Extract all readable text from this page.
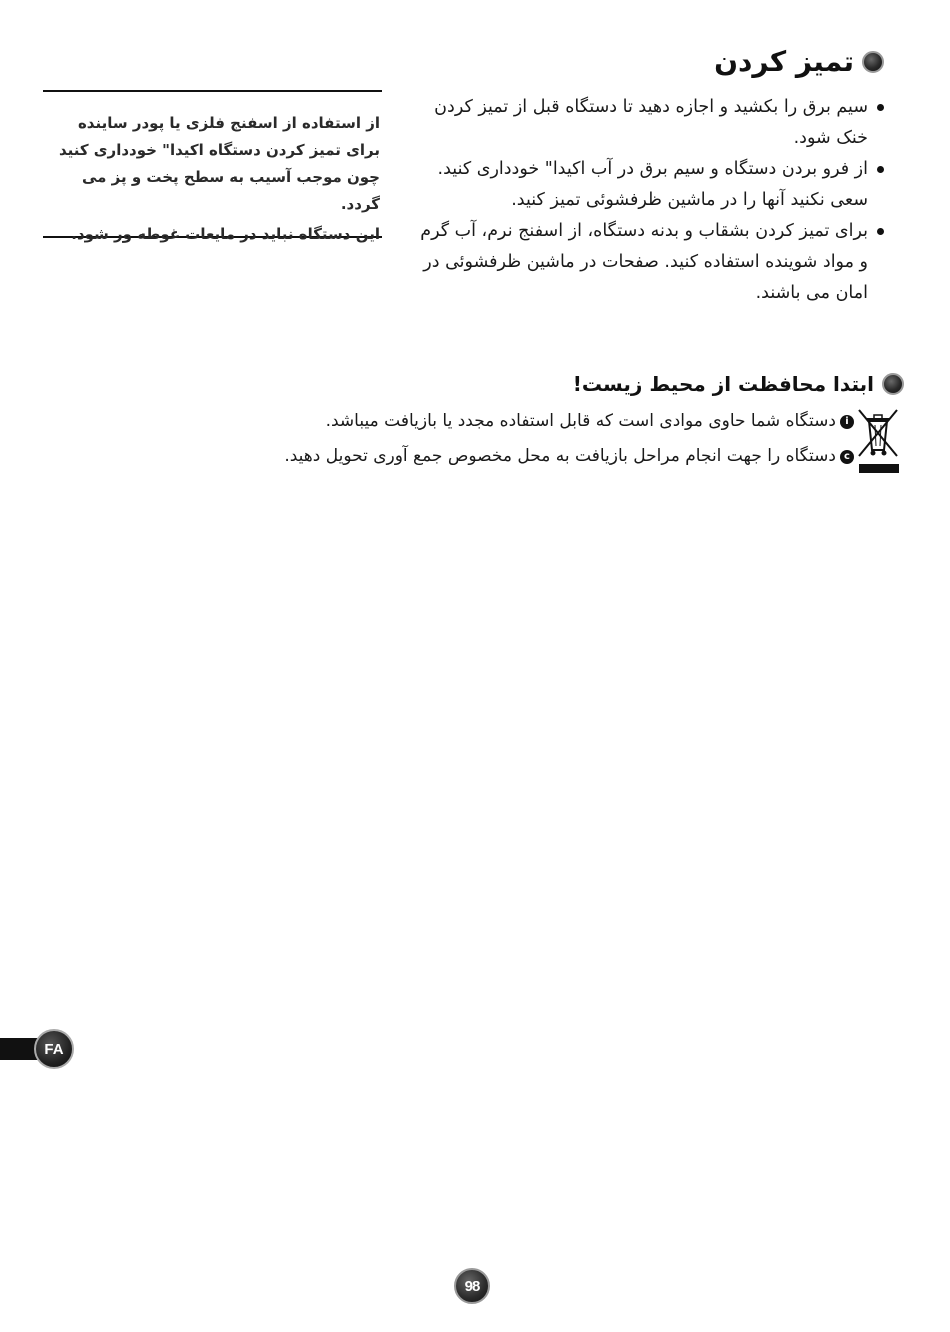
تمیز کردن
سیم برق را بکشید و اجازه دهید تا دستگاه قبل از تمیز کردن خنک شود.
از فرو بردن دستگاه و سیم برق در آب اکیدا" خودداری کنید. سعی نکنید آنها را در ماشین ظرفشوئی تمیز کنید.
برای تمیز کردن بشقاب و بدنه دستگاه، از اسفنج نرم، آب گرم و مواد شوینده استفاده کنید. صفحات در ماشین ظرفشوئی در امان می باشند.

از استفاده از اسفنج فلزی یا پودر ساینده برای تمیز کردن دستگاه اکیدا" خودداری کنید چون موجب آسیب به سطح پخت و پز می گردد.

این دستگاه نباید در مایعات غوطه ور شود.

ابتدا محافظت از محیط زیست!
i
دستگاه شما حاوی موادی است که قابل استفاده مجدد یا بازیافت میباشد.
c
دستگاه را جهت انجام مراحل بازیافت به محل مخصوص جمع آوری تحویل دهید.
FA
98
